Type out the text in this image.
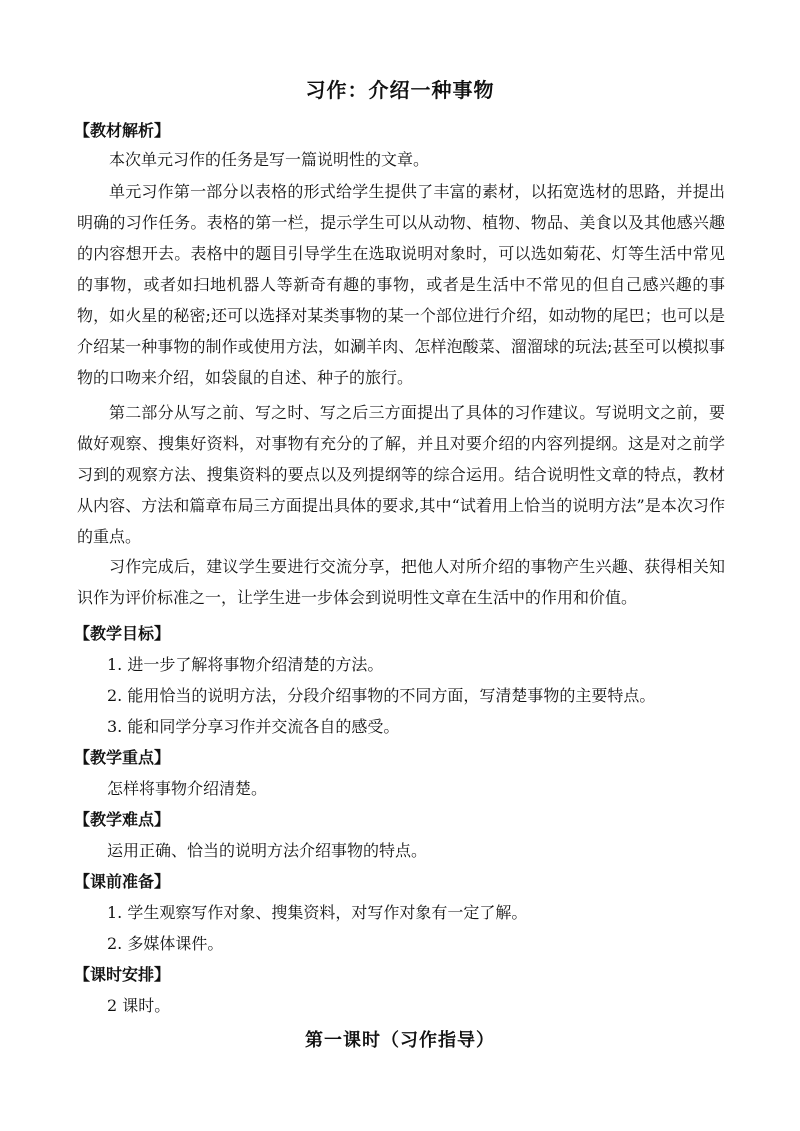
习作：介绍一种事物
【教材解析】
本次单元习作的任务是写一篇说明性的文章。
单元习作第一部分以表格的形式给学生提供了丰富的素材，以拓宽选材的思路，并提出明确的习作任务。表格的第一栏，提示学生可以从动物、植物、物品、美食以及其他感兴趣的内容想开去。表格中的题目引导学生在选取说明对象时，可以选如菊花、灯等生活中常见的事物，或者如扫地机器人等新奇有趣的事物，或者是生活中不常见的但自己感兴趣的事物，如火星的秘密;还可以选择对某类事物的某一个部位进行介绍，如动物的尾巴；也可以是介绍某一种事物的制作或使用方法，如涮羊肉、怎样泡酸菜、溜溜球的玩法;甚至可以模拟事物的口吻来介绍，如袋鼠的自述、种子的旅行。
第二部分从写之前、写之时、写之后三方面提出了具体的习作建议。写说明文之前，要做好观察、搜集好资料，对事物有充分的了解，并且对要介绍的内容列提纲。这是对之前学习到的观察方法、搜集资料的要点以及列提纲等的综合运用。结合说明性文章的特点，教材从内容、方法和篇章布局三方面提出具体的要求,其中“试着用上恰当的说明方法”是本次习作的重点。
习作完成后，建议学生要进行交流分享，把他人对所介绍的事物产生兴趣、获得相关知识作为评价标准之一，让学生进一步体会到说明性文章在生活中的作用和价值。
【教学目标】
1. 进一步了解将事物介绍清楚的方法。
2. 能用恰当的说明方法，分段介绍事物的不同方面，写清楚事物的主要特点。
3. 能和同学分享习作并交流各自的感受。
【教学重点】
怎样将事物介绍清楚。
【教学难点】
运用正确、恰当的说明方法介绍事物的特点。
【课前准备】
1. 学生观察写作对象、搜集资料，对写作对象有一定了解。
2. 多媒体课件。
【课时安排】
2 课时。
第一课时（习作指导）
